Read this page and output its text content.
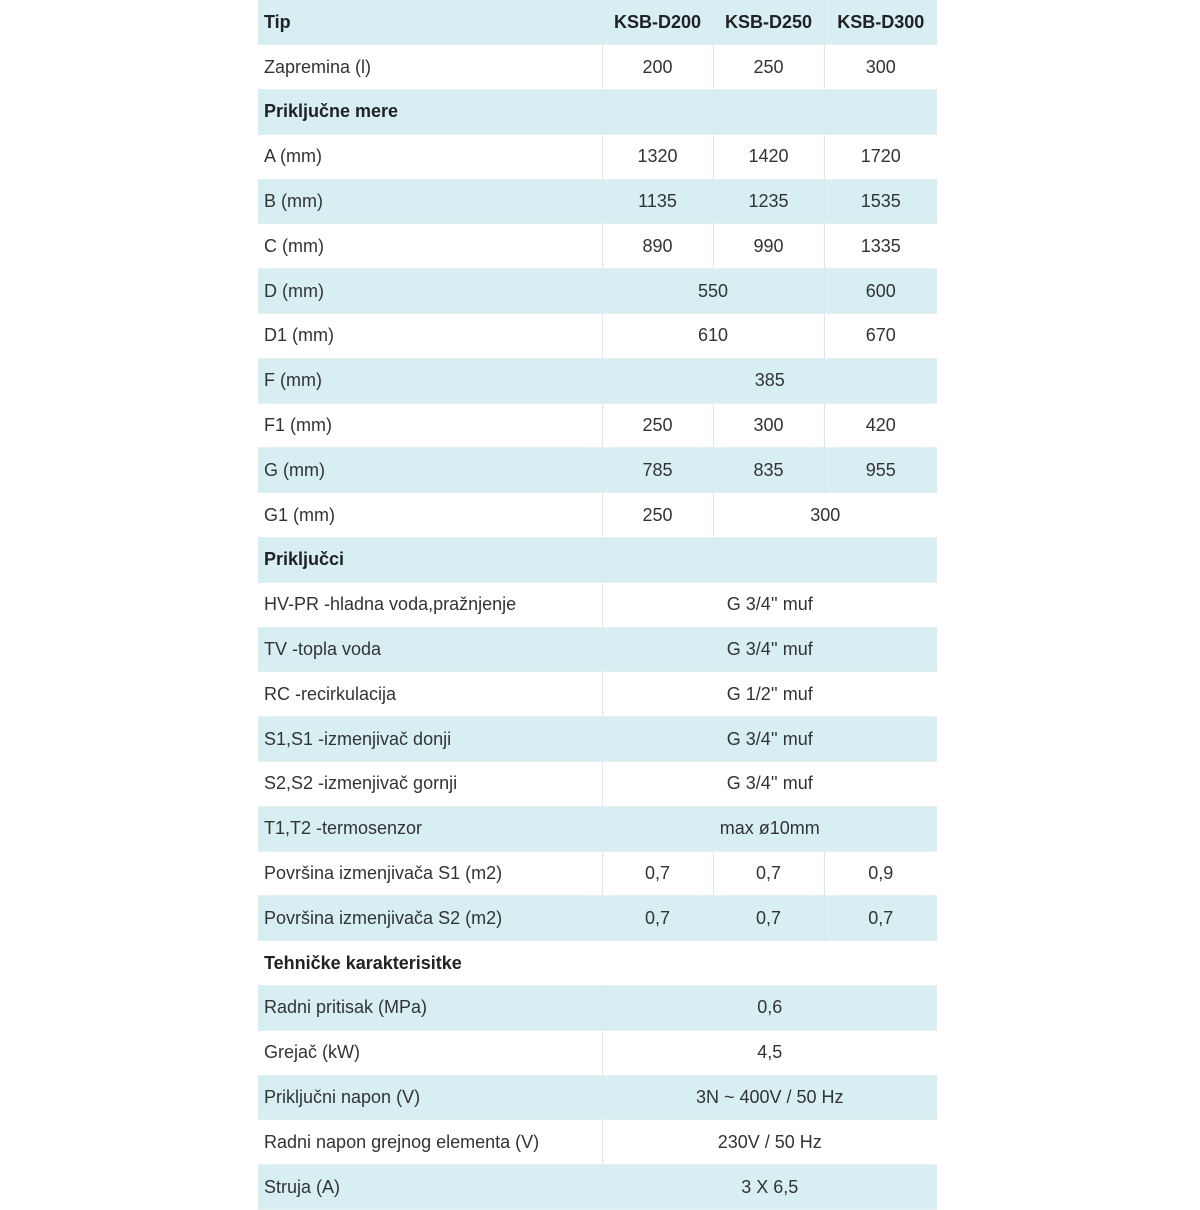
Tip	KSB-D200	KSB-D250	KSB-D300
Zapremina (l)	200	250	300
Priključne mere			
A (mm)	1320	1420	1720
B (mm)	1135	1235	1535
C (mm)	890	990	1335
D (mm)	550		600
D1 (mm)	610		670
F (mm)	385		
F1 (mm)	250	300	420
G (mm)	785	835	955
G1 (mm)	250	300	
Priključci			
HV-PR -hladna voda,pražnjenje	G 3/4'' muf		
TV -topla voda	G 3/4'' muf		
RC -recirkulacija	G 1/2'' muf		
S1,S1 -izmenjivač donji	G 3/4'' muf		
S2,S2 -izmenjivač gornji	G 3/4'' muf		
T1,T2 -termosenzor	max ø10mm		
Površina izmenjivača S1 (m2)	0,7	0,7	0,9
Površina izmenjivača S2 (m2)	0,7	0,7	0,7
Tehničke karakterisitke			
Radni pritisak (MPa)	0,6		
Grejač (kW)	4,5		
Priključni napon (V)	3N ~ 400V / 50 Hz		
Radni napon grejnog elementa (V)	230V / 50 Hz		
Struja (A)	3 X 6,5		
